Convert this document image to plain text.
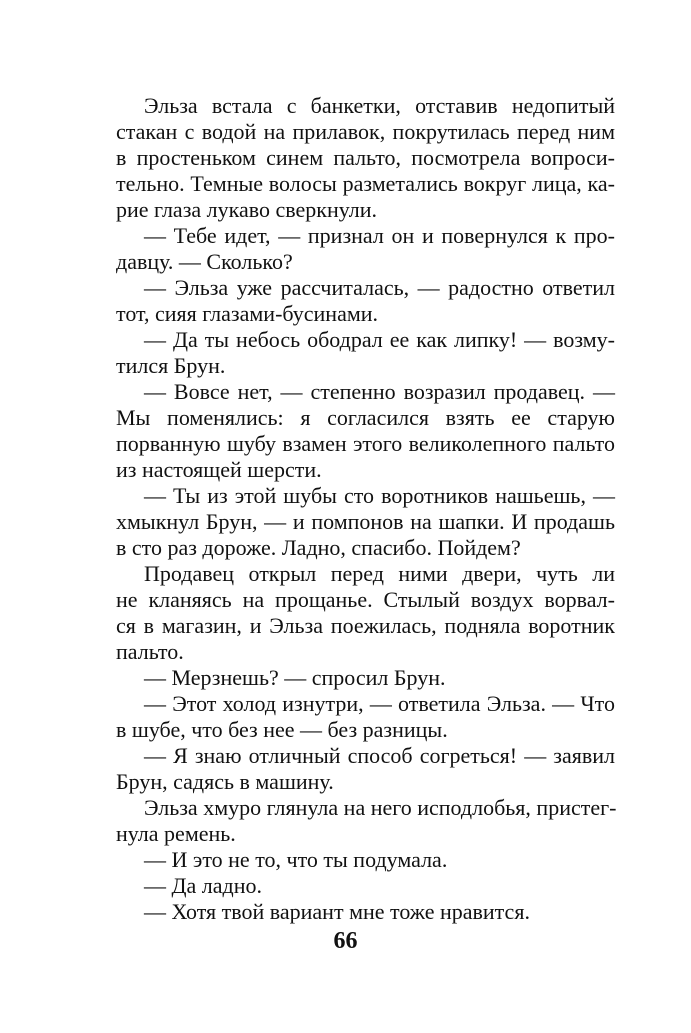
Эльза встала с банкетки, отставив недопитый
стакан с водой на прилавок, покрутилась перед ним
в простеньком синем пальто, посмотрела вопроси-
тельно. Темные волосы разметались вокруг лица, ка-
рие глаза лукаво сверкнули.
— Тебе идет, — признал он и повернулся к про-
давцу. — Сколько?
— Эльза уже рассчиталась, — радостно ответил
тот, сияя глазами-бусинами.
— Да ты небось ободрал ее как липку! — возму-
тился Брун.
— Вовсе нет, — степенно возразил продавец. —
Мы поменялись: я согласился взять ее старую
порванную шубу взамен этого великолепного пальто
из настоящей шерсти.
— Ты из этой шубы сто воротников нашьешь, —
хмыкнул Брун, — и помпонов на шапки. И продашь
в сто раз дороже. Ладно, спасибо. Пойдем?
Продавец открыл перед ними двери, чуть ли
не кланяясь на прощанье. Стылый воздух ворвал-
ся в магазин, и Эльза поежилась, подняла воротник
пальто.
— Мерзнешь? — спросил Брун.
— Этот холод изнутри, — ответила Эльза. — Что
в шубе, что без нее — без разницы.
— Я знаю отличный способ согреться! — заявил
Брун, садясь в машину.
Эльза хмуро глянула на него исподлобья, пристег-
нула ремень.
— И это не то, что ты подумала.
— Да ладно.
— Хотя твой вариант мне тоже нравится.
66
